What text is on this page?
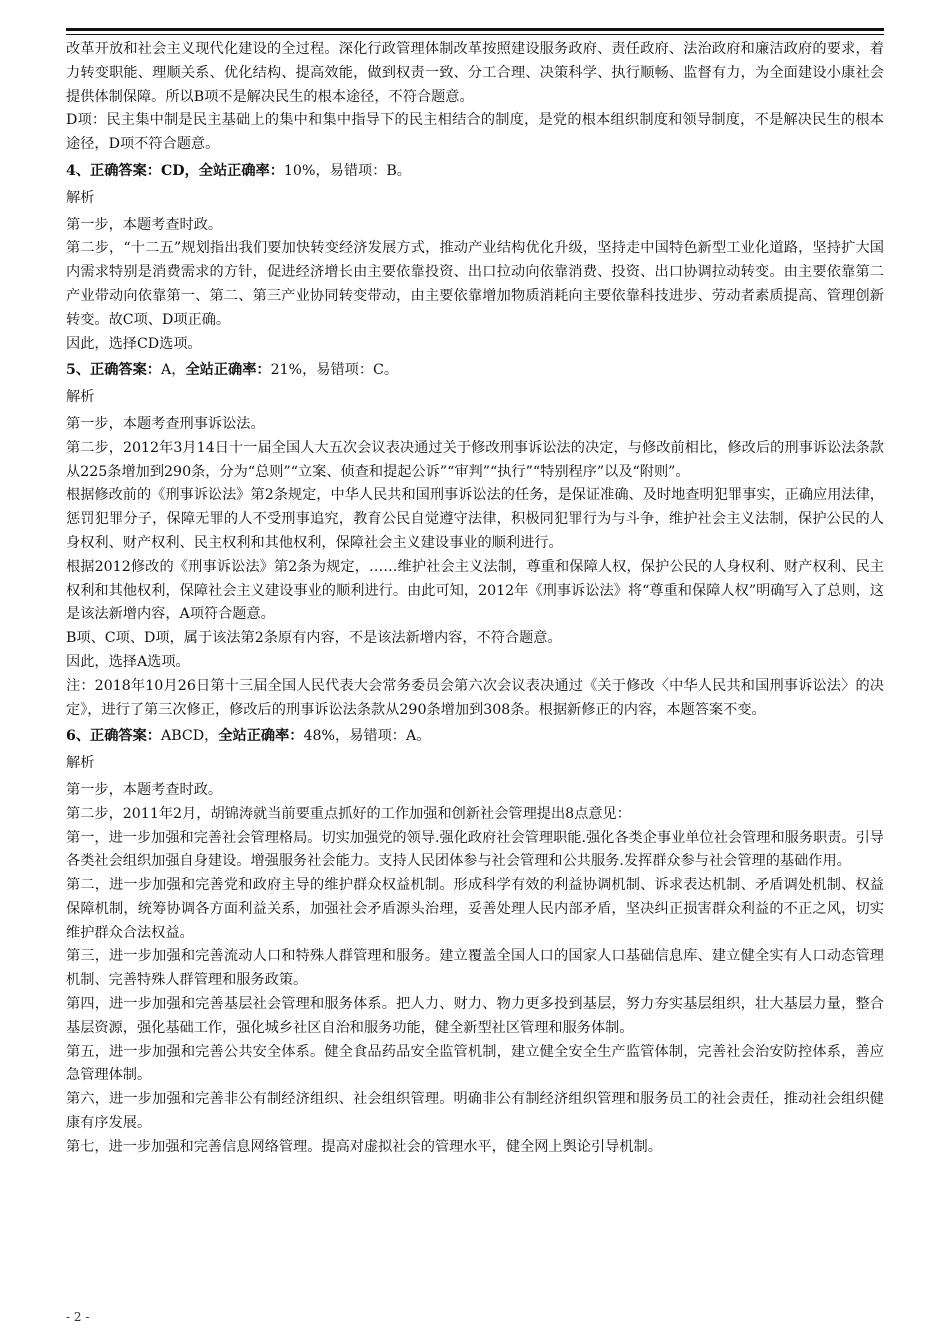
改革开放和社会主义现代化建设的全过程。深化行政管理体制改革按照建设服务政府、责任政府、法治政府和廉洁政府的要求，着力转变职能、理顺关系、优化结构、提高效能，做到权责一致、分工合理、决策科学、执行顺畅、监督有力，为全面建设小康社会提供体制保障。所以B项不是解决民生的根本途径，不符合题意。

D项：民主集中制是民主基础上的集中和集中指导下的民主相结合的制度，是党的根本组织制度和领导制度，不是解决民生的根本途径，D项不符合题意。

4、正确答案：CD，全站正确率：10%，易错项：B。

解析

第一步，本题考查时政。

第二步，“十二五”规划指出我们要加快转变经济发展方式，推动产业结构优化升级，坚持走中国特色新型工业化道路，坚持扩大国内需求特别是消费需求的方针，促进经济增长由主要依靠投资、出口拉动向依靠消费、投资、出口协调拉动转变。由主要依靠第二产业带动向依靠第一、第二、第三产业协同转变带动，由主要依靠增加物质消耗向主要依靠科技进步、劳动者素质提高、管理创新转变。故C项、D项正确。

因此，选择CD选项。

5、正确答案：A，全站正确率：21%，易错项：C。

解析

第一步，本题考查刑事诉讼法。

第二步，2012年3月14日十一届全国人大五次会议表决通过关于修改刑事诉讼法的决定，与修改前相比，修改后的刑事诉讼法条款从225条增加到290条，分为“总则”“立案、侦查和提起公诉”“审判”“执行”“特别程序”以及“附则”。

根据修改前的《刑事诉讼法》第2条规定，中华人民共和国刑事诉讼法的任务，是保证准确、及时地查明犯罪事实，正确应用法律，惩罚犯罪分子，保障无罪的人不受刑事追究，教育公民自觉遵守法律，积极同犯罪行为与斗争，维护社会主义法制，保护公民的人身权利、财产权利、民主权利和其他权利，保障社会主义建设事业的顺利进行。

根据2012修改的《刑事诉讼法》第2条为规定，……维护社会主义法制，尊重和保障人权，保护公民的人身权利、财产权利、民主权利和其他权利，保障社会主义建设事业的顺利进行。由此可知，2012年《刑事诉讼法》将“尊重和保障人权”明确写入了总则，这是该法新增内容，A项符合题意。

B项、C项、D项，属于该法第2条原有内容，不是该法新增内容，不符合题意。

因此，选择A选项。

注：2018年10月26日第十三届全国人民代表大会常务委员会第六次会议表决通过《关于修改〈中华人民共和国刑事诉讼法〉的决定》，进行了第三次修正，修改后的刑事诉讼法条款从290条增加到308条。根据新修正的内容，本题答案不变。

6、正确答案：ABCD，全站正确率：48%，易错项：A。

解析

第一步，本题考查时政。

第二步，2011年2月，胡锦涛就当前要重点抓好的工作加强和创新社会管理提出8点意见：

第一，进一步加强和完善社会管理格局。切实加强党的领导.强化政府社会管理职能.强化各类企事业单位社会管理和服务职责。引导各类社会组织加强自身建设。增强服务社会能力。支持人民团体参与社会管理和公共服务.发挥群众参与社会管理的基础作用。

第二，进一步加强和完善党和政府主导的维护群众权益机制。形成科学有效的利益协调机制、诉求表达机制、矛盾调处机制、权益保障机制，统筹协调各方面利益关系，加强社会矛盾源头治理，妥善处理人民内部矛盾，坚决纠正损害群众利益的不正之风，切实维护群众合法权益。

第三，进一步加强和完善流动人口和特殊人群管理和服务。建立覆盖全国人口的国家人口基础信息库、建立健全实有人口动态管理机制、完善特殊人群管理和服务政策。

第四，进一步加强和完善基层社会管理和服务体系。把人力、财力、物力更多投到基层，努力夯实基层组织，壮大基层力量，整合基层资源，强化基础工作，强化城乡社区自治和服务功能，健全新型社区管理和服务体制。

第五，进一步加强和完善公共安全体系。健全食品药品安全监管机制，建立健全安全生产监管体制，完善社会治安防控体系，善应急管理体制。

第六，进一步加强和完善非公有制经济组织、社会组织管理。明确非公有制经济组织管理和服务员工的社会责任，推动社会组织健康有序发展。

第七，进一步加强和完善信息网络管理。提高对虚拟社会的管理水平，健全网上舆论引导机制。

- 2 -
